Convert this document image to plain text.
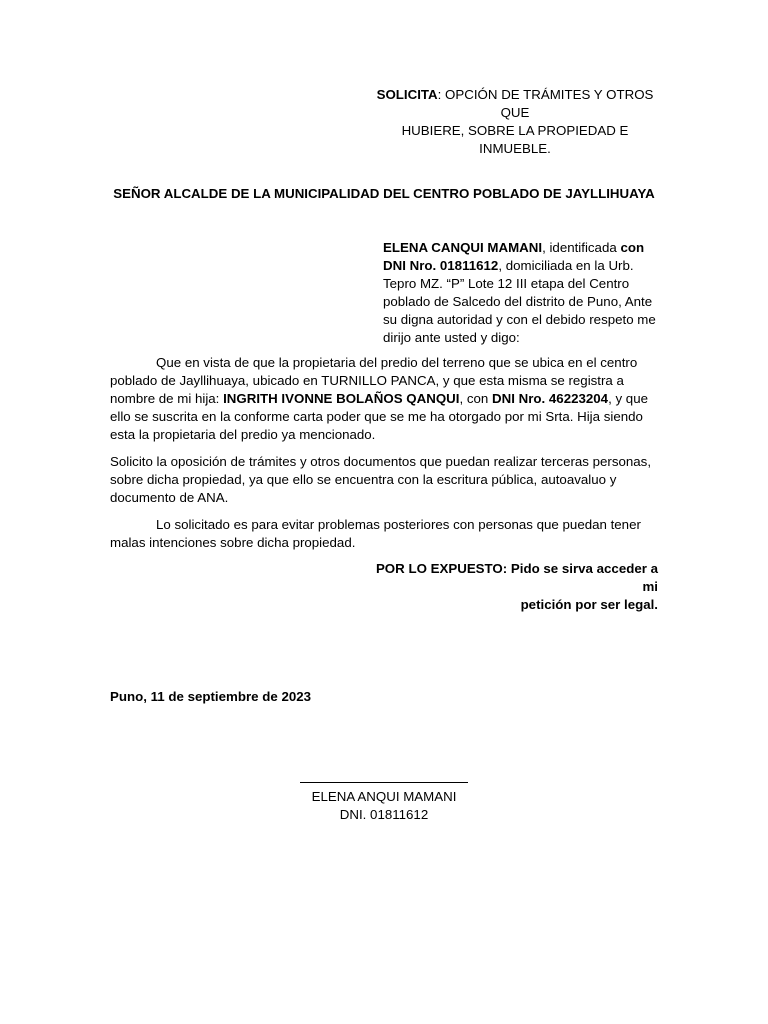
SOLICITA: OPCIÓN DE TRÁMITES Y OTROS QUE
HUBIERE, SOBRE LA PROPIEDAD E INMUEBLE.
SEÑOR ALCALDE DE LA MUNICIPALIDAD DEL CENTRO POBLADO DE JAYLLIHUAYA
ELENA CANQUI MAMANI, identificada con DNI Nro. 01811612, domiciliada en la Urb. Tepro MZ. “P” Lote 12 III etapa del Centro poblado de Salcedo del distrito de Puno, Ante su digna autoridad y con el debido respeto me dirijo ante usted y digo:

Que en vista de que la propietaria del predio del terreno que se ubica en el centro poblado de Jayllihuaya, ubicado en TURNILLO PANCA, y que esta misma se registra a nombre de mi hija: INGRITH IVONNE BOLAÑOS QANQUI, con DNI Nro. 46223204, y que ello se suscrita en la conforme carta poder que se me ha otorgado por mi Srta. Hija siendo esta la propietaria del predio ya mencionado.

Solicito la oposición de trámites y otros documentos que puedan realizar terceras personas, sobre dicha propiedad, ya que ello se encuentra con la escritura pública, autoavaluo y documento de ANA.

Lo solicitado es para evitar problemas posteriores con personas que puedan tener malas intenciones sobre dicha propiedad.

POR LO EXPUESTO: Pido se sirva acceder a mi
petición por ser legal.
Puno, 11 de septiembre de 2023
ELENA ANQUI MAMANI
DNI. 01811612
